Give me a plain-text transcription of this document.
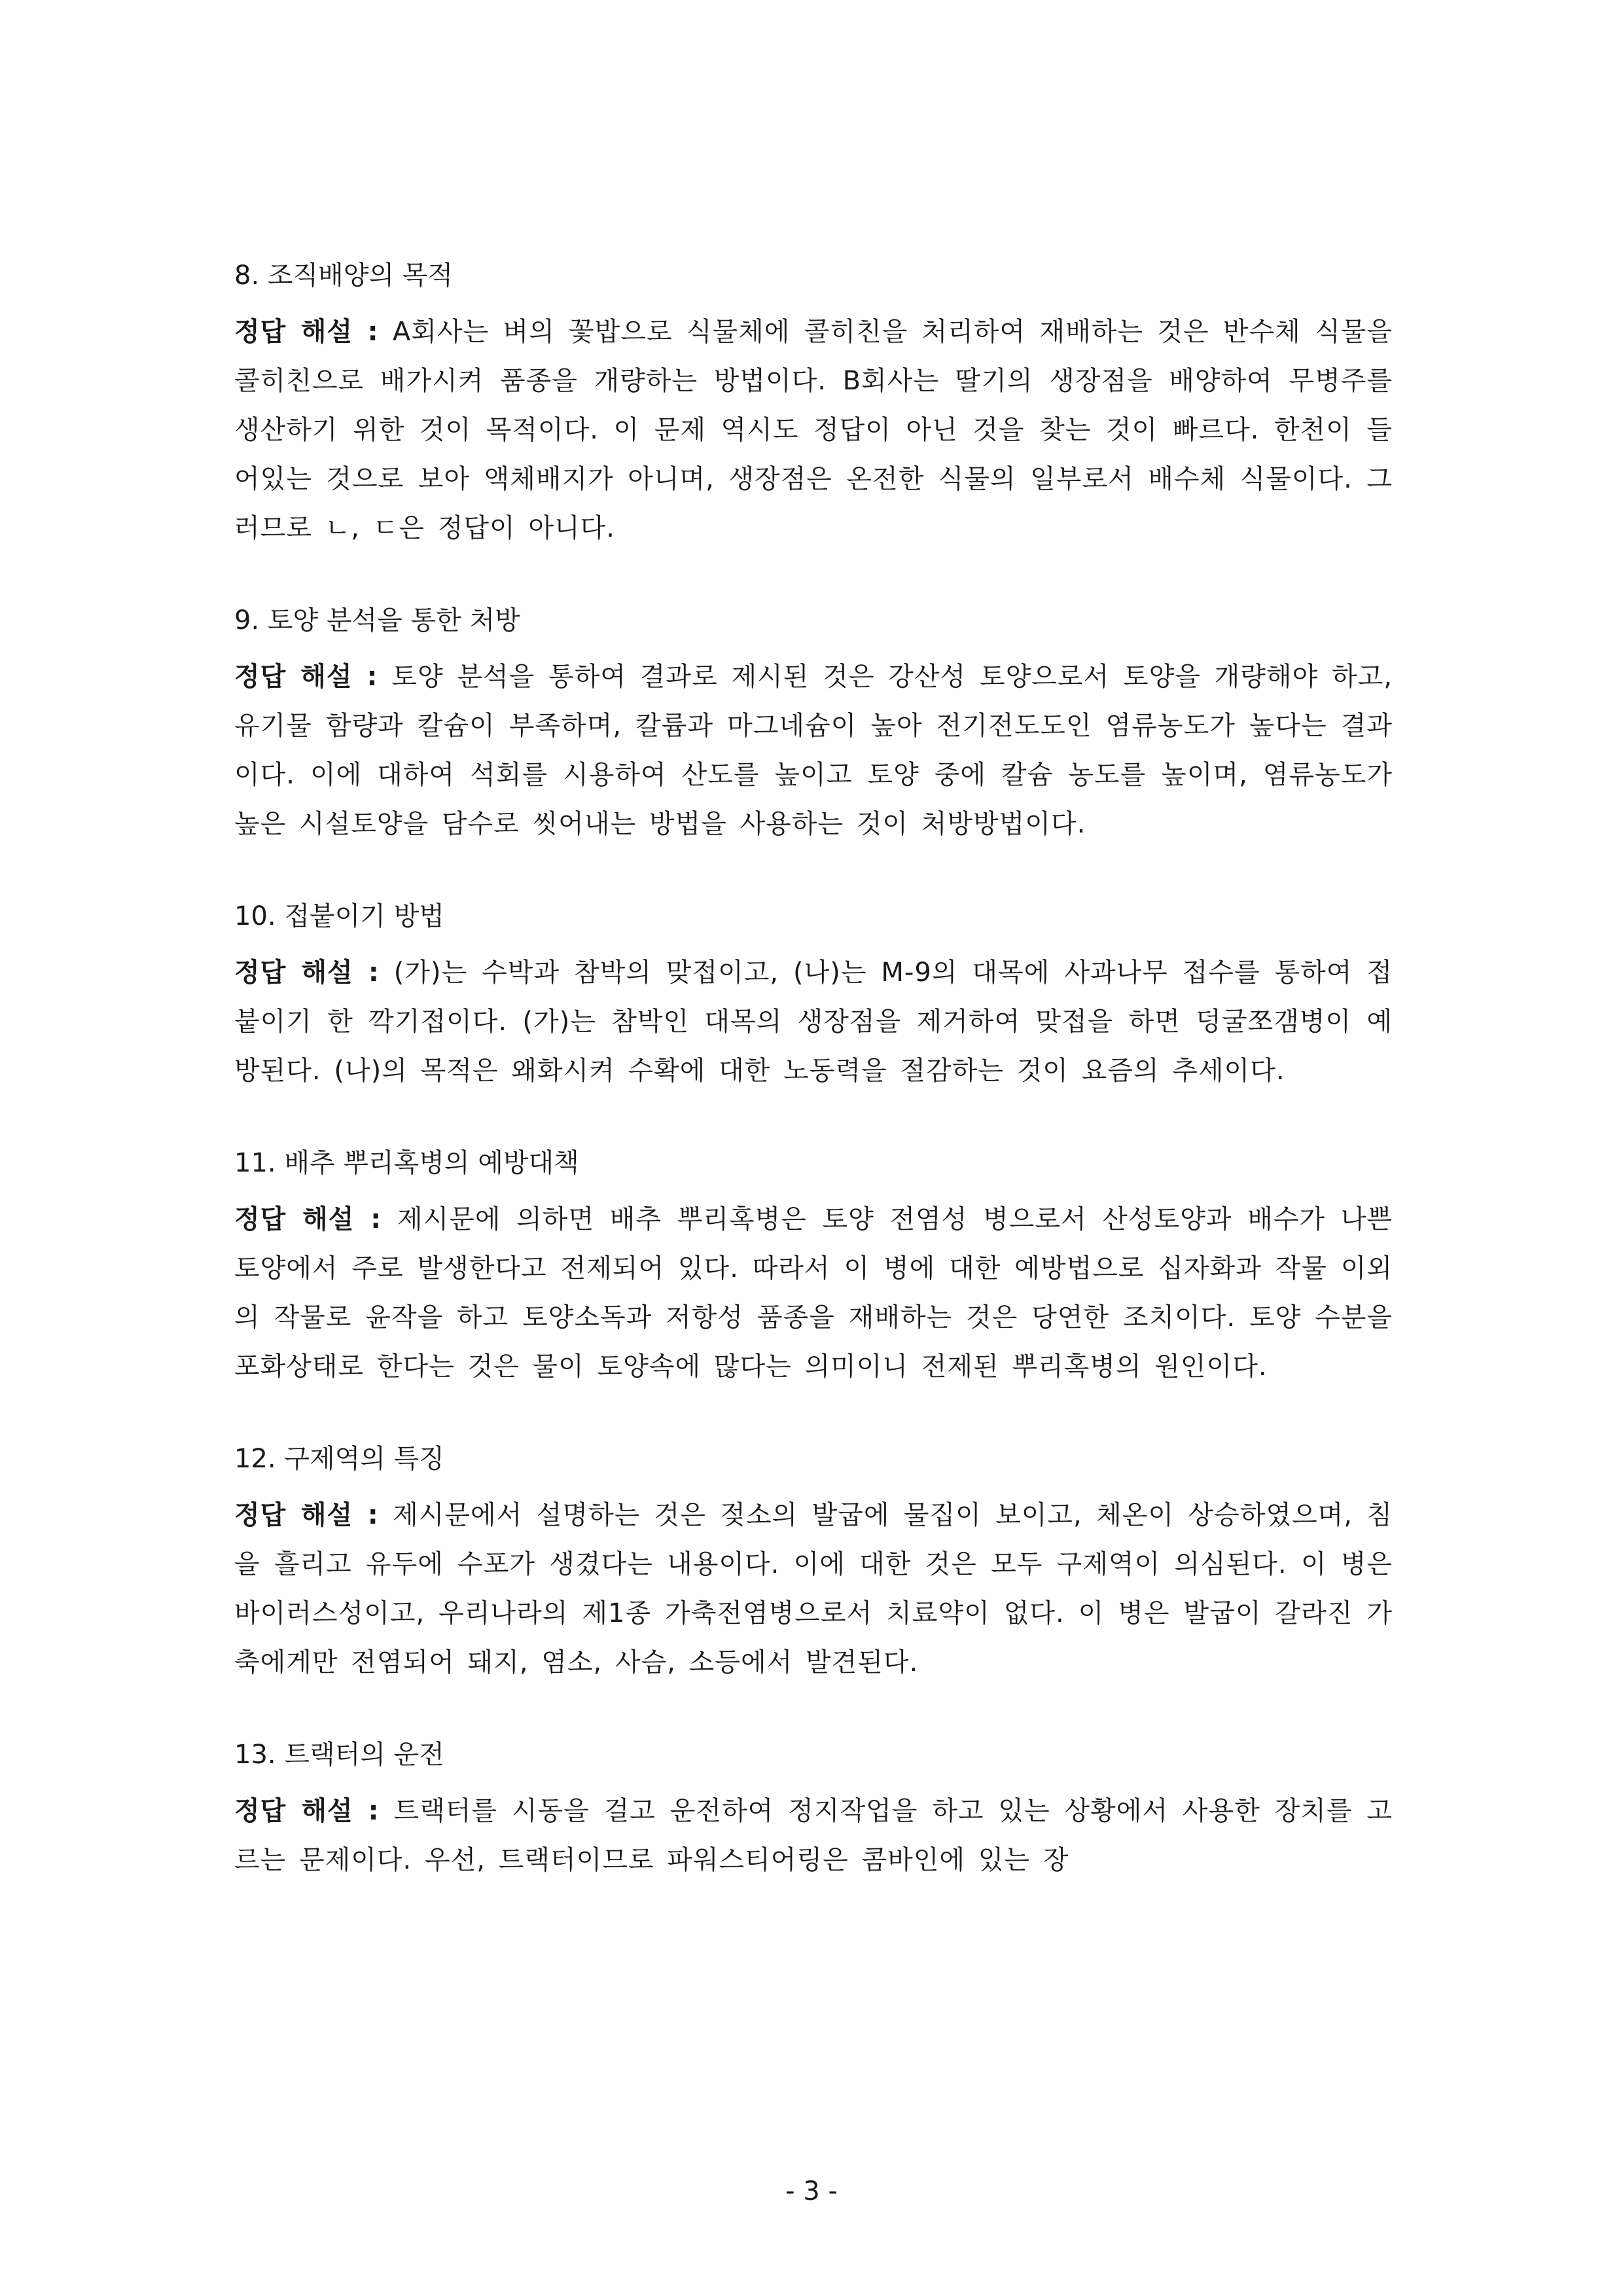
8. 조직배양의 목적
정답 해설 : A회사는 벼의 꽃밥으로 식물체에 콜히친을 처리하여 재배하는 것은 반수체 식물을 콜히친으로 배가시켜 품종을 개량하는 방법이다. B회사는 딸기의 생장점을 배양하여 무병주를 생산하기 위한 것이 목적이다. 이 문제 역시도 정답이 아닌 것을 찾는 것이 빠르다. 한천이 들어있는 것으로 보아 액체배지가 아니며, 생장점은 온전한 식물의 일부로서 배수체 식물이다. 그러므로 ㄴ, ㄷ은 정답이 아니다.
9. 토양 분석을 통한 처방
정답 해설 : 토양 분석을 통하여 결과로 제시된 것은 강산성 토양으로서 토양을 개량해야 하고, 유기물 함량과 칼슘이 부족하며, 칼륨과 마그네슘이 높아 전기전도도인 염류농도가 높다는 결과이다. 이에 대하여 석회를 시용하여 산도를 높이고 토양 중에 칼슘 농도를 높이며, 염류농도가 높은 시설토양을 담수로 씻어내는 방법을 사용하는 것이 처방방법이다.
10. 접붙이기 방법
정답 해설 : (가)는 수박과 참박의 맞접이고, (나)는 M-9의 대목에 사과나무 접수를 통하여 접붙이기 한 깍기접이다. (가)는 참박인 대목의 생장점을 제거하여 맞접을 하면 덩굴쪼갬병이 예방된다. (나)의 목적은 왜화시켜 수확에 대한 노동력을 절감하는 것이 요즘의 추세이다.
11. 배추 뿌리혹병의 예방대책
정답 해설 : 제시문에 의하면 배추 뿌리혹병은 토양 전염성 병으로서 산성토양과 배수가 나쁜 토양에서 주로 발생한다고 전제되어 있다. 따라서 이 병에 대한 예방법으로 십자화과 작물 이외의 작물로 윤작을 하고 토양소독과 저항성 품종을 재배하는 것은 당연한 조치이다. 토양 수분을 포화상태로 한다는 것은 물이 토양속에 많다는 의미이니 전제된 뿌리혹병의 원인이다.
12. 구제역의 특징
정답 해설 : 제시문에서 설명하는 것은 젖소의 발굽에 물집이 보이고, 체온이 상승하였으며, 침을 흘리고 유두에 수포가 생겼다는 내용이다. 이에 대한 것은 모두 구제역이 의심된다. 이 병은 바이러스성이고, 우리나라의 제1종 가축전염병으로서 치료약이 없다. 이 병은 발굽이 갈라진 가축에게만 전염되어 돼지, 염소, 사슴, 소등에서 발견된다.
13. 트랙터의 운전
정답 해설 : 트랙터를 시동을 걸고 운전하여 정지작업을 하고 있는 상황에서 사용한 장치를 고르는 문제이다. 우선, 트랙터이므로 파워스티어링은 콤바인에 있는 장
- 3 -
